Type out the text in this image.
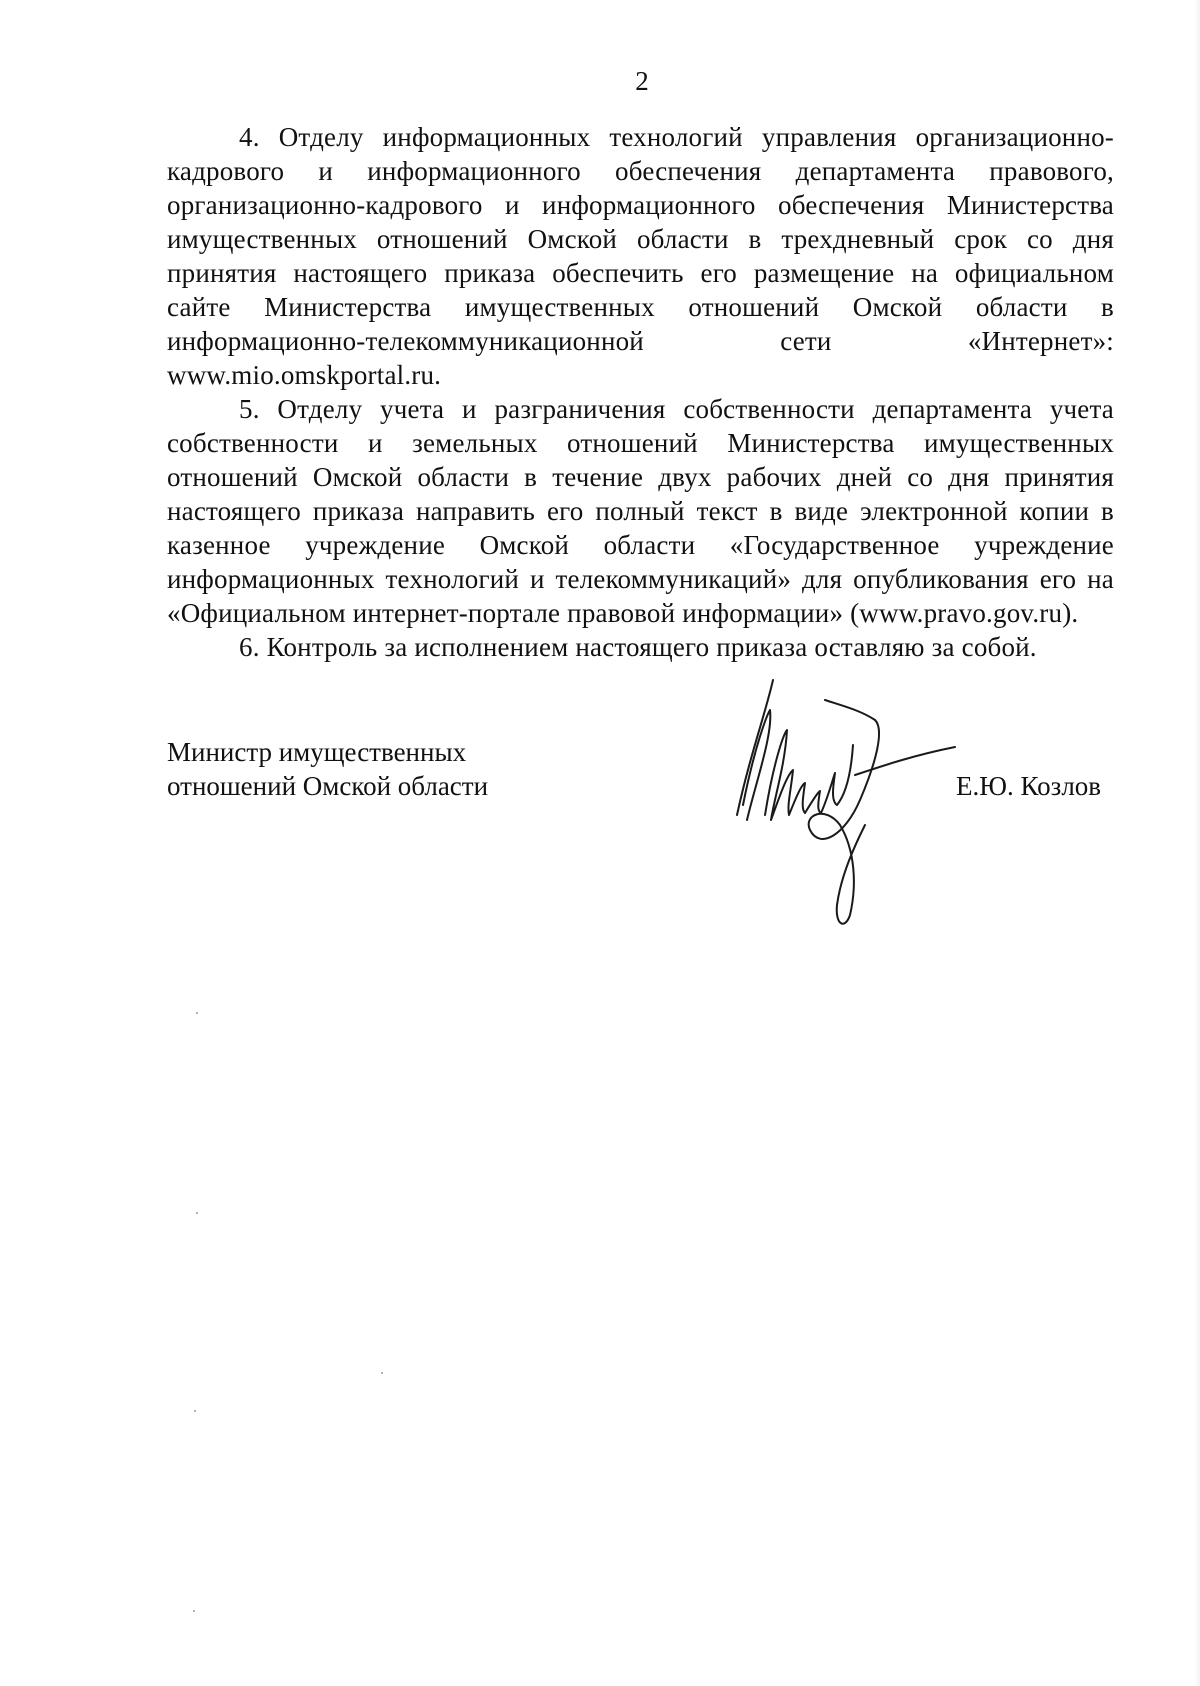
2

4. Отделу информационных технологий управления организационно-кадрового и информационного обеспечения департамента правового, организационно-кадрового и информационного обеспечения Министерства имущественных отношений Омской области в трехдневный срок со дня принятия настоящего приказа обеспечить его размещение на официальном сайте Министерства имущественных отношений Омской области в информационно-телекоммуникационной сети «Интернет»: www.mio.omskportal.ru.

5. Отделу учета и разграничения собственности департамента учета собственности и земельных отношений Министерства имущественных отношений Омской области в течение двух рабочих дней со дня принятия настоящего приказа направить его полный текст в виде электронной копии в казенное учреждение Омской области «Государственное учреждение информационных технологий и телекоммуникаций» для опубликования его на «Официальном интернет-портале правовой информации» (www.pravo.gov.ru).

6. Контроль за исполнением настоящего приказа оставляю за собой.

Министр имущественных
отношений Омской области	Е.Ю. Козлов
